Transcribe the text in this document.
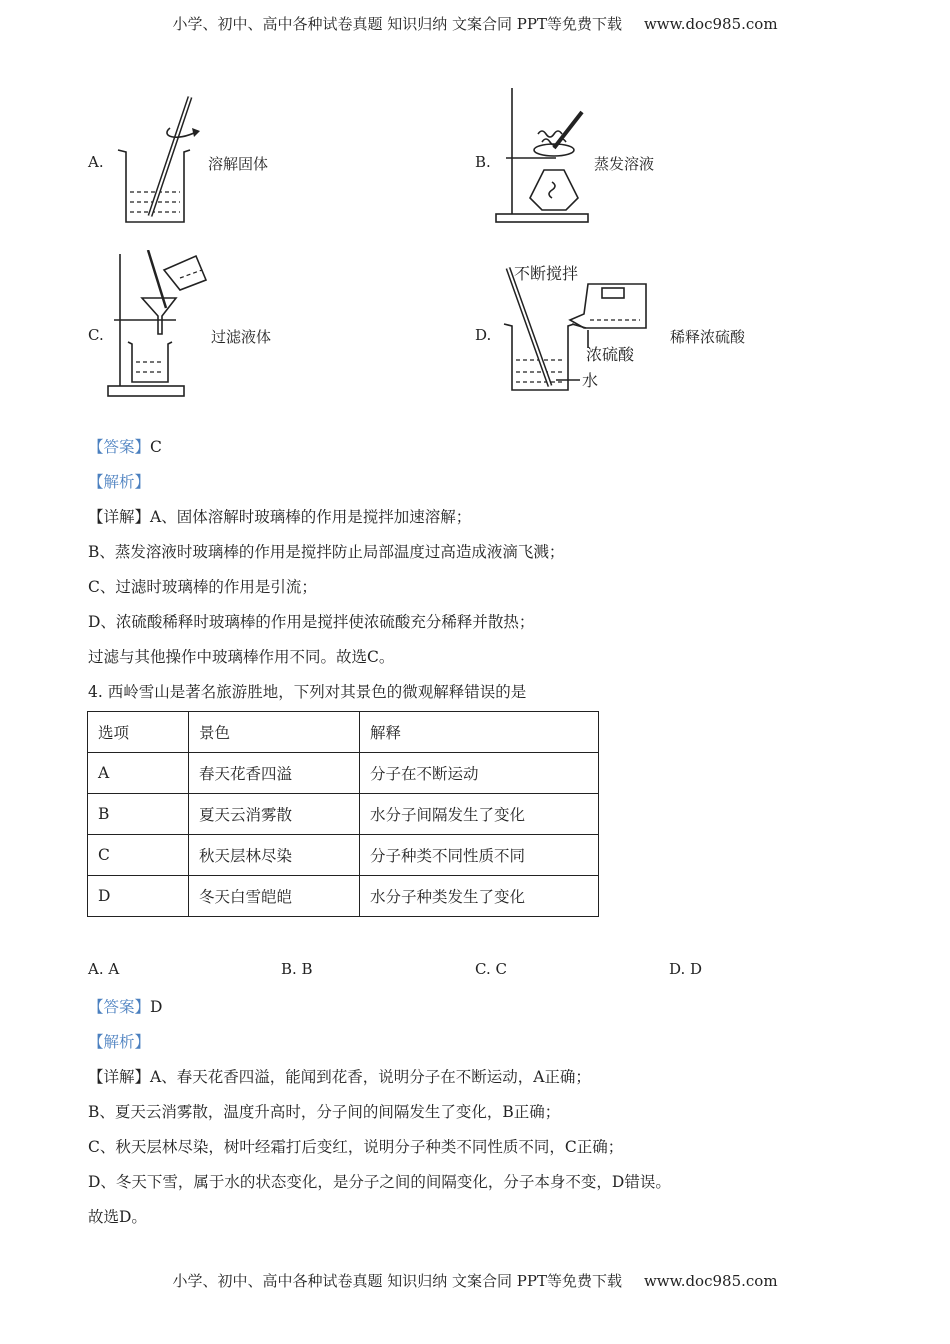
小学、初中、高中各种试卷真题 知识归纳 文案合同 PPT等免费下载 www.doc985.com
A.	溶解固体	B.	蒸发溶液
C.	过滤液体	D.
不断搅拌
浓硫酸
水
稀释浓硫酸
【答案】C
【解析】
【详解】A、固体溶解时玻璃棒的作用是搅拌加速溶解；
B、蒸发溶液时玻璃棒的作用是搅拌防止局部温度过高造成液滴飞溅；
C、过滤时玻璃棒的作用是引流；
D、浓硫酸稀释时玻璃棒的作用是搅拌使浓硫酸充分稀释并散热；
过滤与其他操作中玻璃棒作用不同。故选C。
4. 西岭雪山是著名旅游胜地，下列对其景色的微观解释错误的是
选项	景色	解释
A	春天花香四溢	分子在不断运动
B	夏天云消雾散	水分子间隔发生了变化
C	秋天层林尽染	分子种类不同性质不同
D	冬天白雪皑皑	水分子种类发生了变化
A. A	B. B	C. C	D. D
【答案】D
【解析】
【详解】A、春天花香四溢，能闻到花香，说明分子在不断运动，A正确；
B、夏天云消雾散，温度升高时，分子间的间隔发生了变化，B正确；
C、秋天层林尽染，树叶经霜打后变红，说明分子种类不同性质不同，C正确；
D、冬天下雪，属于水的状态变化，是分子之间的间隔变化，分子本身不变，D错误。
故选D。
小学、初中、高中各种试卷真题 知识归纳 文案合同 PPT等免费下载 www.doc985.com
